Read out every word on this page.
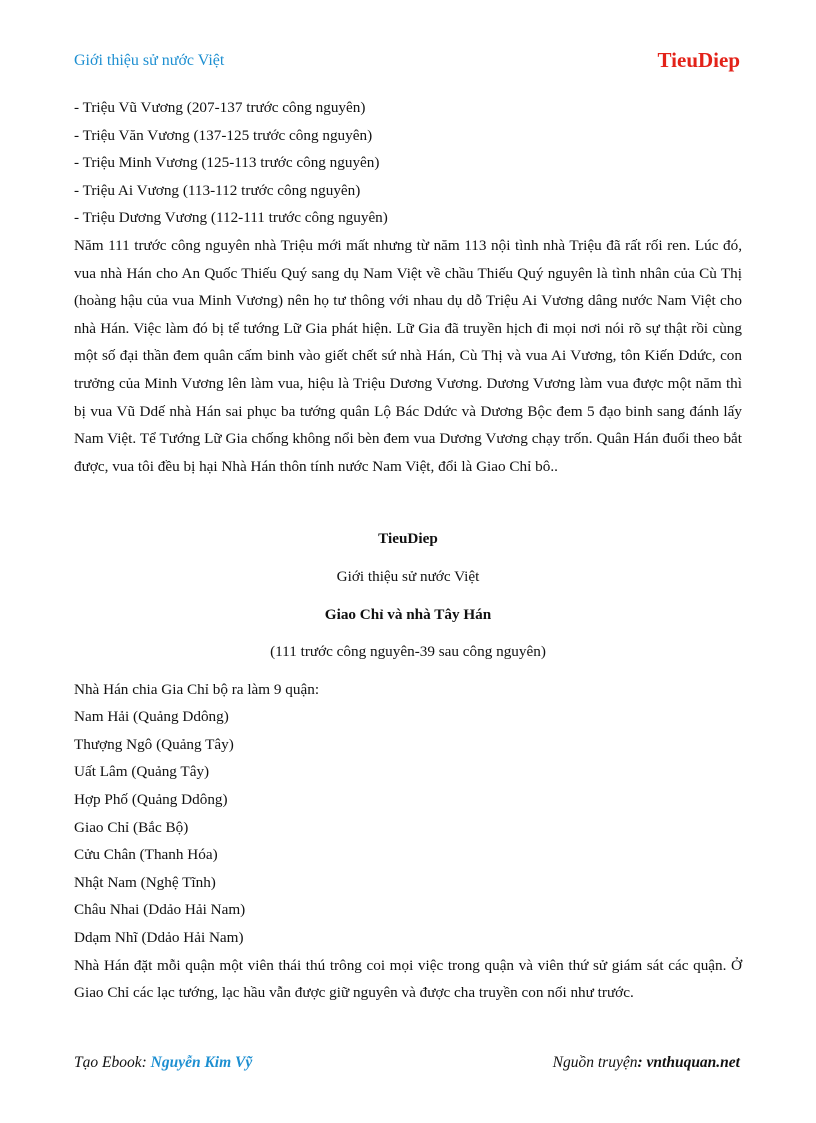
Giới thiệu sử nước Việt	TieuDiep

- Triệu Vũ Vương (207-137 trước công nguyên)

- Triệu Văn Vương (137-125 trước công nguyên)

- Triệu Minh Vương (125-113 trước công nguyên)

- Triệu Ai Vương (113-112 trước công nguyên)

- Triệu Dương Vương (112-111 trước công nguyên)

Năm 111 trước công nguyên nhà Triệu mới mất nhưng từ năm 113 nội tình nhà Triệu đã rất rối ren. Lúc đó, vua nhà Hán cho An Quốc Thiếu Quý sang dụ Nam Việt về chầu Thiếu Quý nguyên là tình nhân của Cù Thị (hoàng hậu của vua Minh Vương) nên họ tư thông với nhau dụ dỗ Triệu Ai Vương dâng nước Nam Việt cho nhà Hán. Việc làm đó bị tể tướng Lữ Gia phát hiện. Lữ Gia đã truyền hịch đi mọi nơi nói rõ sự thật rồi cùng một số đại thần đem quân cấm binh vào giết chết sứ nhà Hán, Cù Thị và vua Ai Vương, tôn Kiến Ddức, con trưởng của Minh Vương lên làm vua, hiệu là Triệu Dương Vương. Dương Vương làm vua được một năm thì bị vua Vũ Ddế nhà Hán sai phục ba tướng quân Lộ Bác Ddức và Dương Bộc đem 5 đạo binh sang đánh lấy Nam Việt. Tể Tướng Lữ Gia chống không nổi bèn đem vua Dương Vương chạy trốn. Quân Hán đuổi theo bắt được, vua tôi đều bị hại Nhà Hán thôn tính nước Nam Việt, đổi là Giao Chỉ bô..

TieuDiep

Giới thiệu sử nước Việt

Giao Chỉ và nhà Tây Hán

(111 trước công nguyên-39 sau công nguyên)

Nhà Hán chia Gia Chỉ bộ ra làm 9 quận:

Nam Hải (Quảng Ddông)

Thượng Ngô (Quảng Tây)

Uất Lâm (Quảng Tây)

Hợp Phố (Quảng Ddông)

Giao Chỉ (Bắc Bộ)

Cửu Chân (Thanh Hóa)

Nhật Nam (Nghệ Tĩnh)

Châu Nhai (Ddảo Hải Nam)

Ddạm Nhĩ (Ddảo Hải Nam)

Nhà Hán đặt mỗi quận một viên thái thú trông coi mọi việc trong quận và viên thứ sử giám sát các quận. Ở Giao Chỉ các lạc tướng, lạc hầu vẫn được giữ nguyên và được cha truyền con nối như trước.

Tạo Ebook: Nguyễn Kim Vỹ	Nguồn truyện: vnthuquan.net
